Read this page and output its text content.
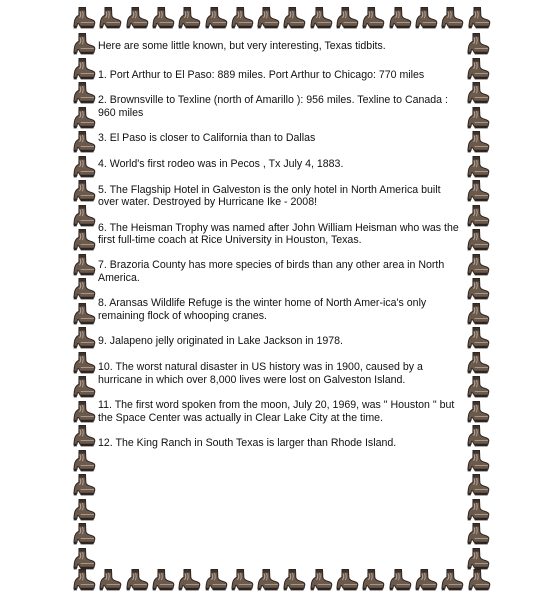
Here are some little known, but very interesting, Texas tidbits.

1. Port Arthur to El Paso: 889 miles. Port Arthur to Chicago: 770 miles

2. Brownsville to Texline (north of Amarillo ): 956 miles. Texline to Canada : 960 miles

3. El Paso is closer to California than to Dallas

4. World's first rodeo was in Pecos , Tx July 4, 1883.

5. The Flagship Hotel in Galveston is the only hotel in North America built over water. Destroyed by Hurricane Ike - 2008!

6. The Heisman Trophy was named after John William Heisman who was the first full-time coach at Rice University in Houston, Texas.

7. Brazoria County has more species of birds than any other area in North America.

8. Aransas Wildlife Refuge is the winter home of North Amer-ica's only remaining flock of whooping cranes.

9. Jalapeno jelly originated in Lake Jackson in 1978.

10. The worst natural disaster in US history was in 1900, caused by a hurricane in which over 8,000 lives were lost on Galveston Island.

11. The first word spoken from the moon, July 20, 1969, was " Houston " but the Space Center was actually in Clear Lake City at the time.

12. The King Ranch in South Texas is larger than Rhode Island.
